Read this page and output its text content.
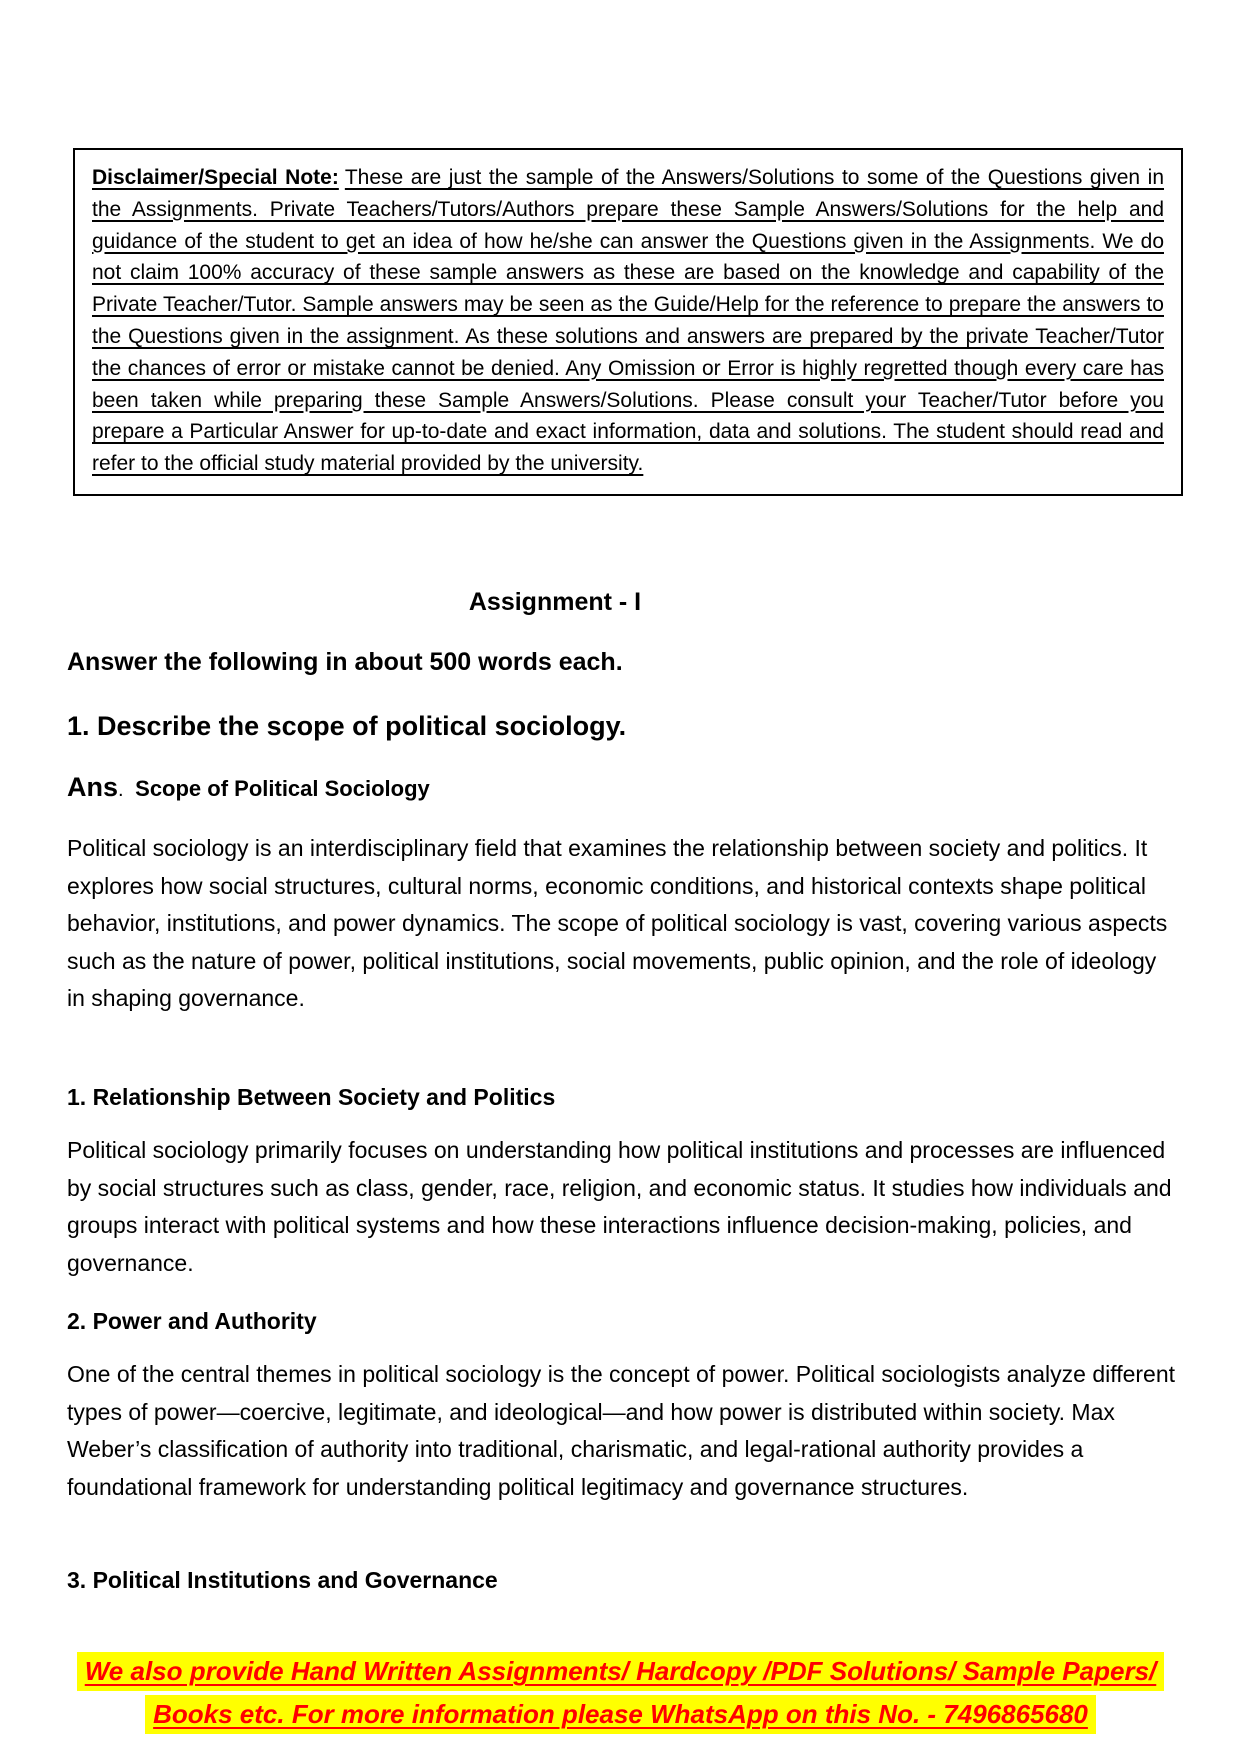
Disclaimer/Special Note: These are just the sample of the Answers/Solutions to some of the Questions given in the Assignments. Private Teachers/Tutors/Authors prepare these Sample Answers/Solutions for the help and guidance of the student to get an idea of how he/she can answer the Questions given in the Assignments. We do not claim 100% accuracy of these sample answers as these are based on the knowledge and capability of the Private Teacher/Tutor. Sample answers may be seen as the Guide/Help for the reference to prepare the answers to the Questions given in the assignment. As these solutions and answers are prepared by the private Teacher/Tutor the chances of error or mistake cannot be denied. Any Omission or Error is highly regretted though every care has been taken while preparing these Sample Answers/Solutions. Please consult your Teacher/Tutor before you prepare a Particular Answer for up-to-date and exact information, data and solutions. The student should read and refer to the official study material provided by the university.
Assignment - I
Answer the following in about 500 words each.
1. Describe the scope of political sociology.
Ans. Scope of Political Sociology

Political sociology is an interdisciplinary field that examines the relationship between society and politics. It explores how social structures, cultural norms, economic conditions, and historical contexts shape political behavior, institutions, and power dynamics. The scope of political sociology is vast, covering various aspects such as the nature of power, political institutions, social movements, public opinion, and the role of ideology in shaping governance.

1. Relationship Between Society and Politics

Political sociology primarily focuses on understanding how political institutions and processes are influenced by social structures such as class, gender, race, religion, and economic status. It studies how individuals and groups interact with political systems and how these interactions influence decision-making, policies, and governance.

2. Power and Authority

One of the central themes in political sociology is the concept of power. Political sociologists analyze different types of power—coercive, legitimate, and ideological—and how power is distributed within society. Max Weber’s classification of authority into traditional, charismatic, and legal-rational authority provides a foundational framework for understanding political legitimacy and governance structures.

3. Political Institutions and Governance
We also provide Hand Written Assignments/ Hardcopy /PDF Solutions/ Sample Papers/
Books etc. For more information please WhatsApp on this No. - 7496865680
